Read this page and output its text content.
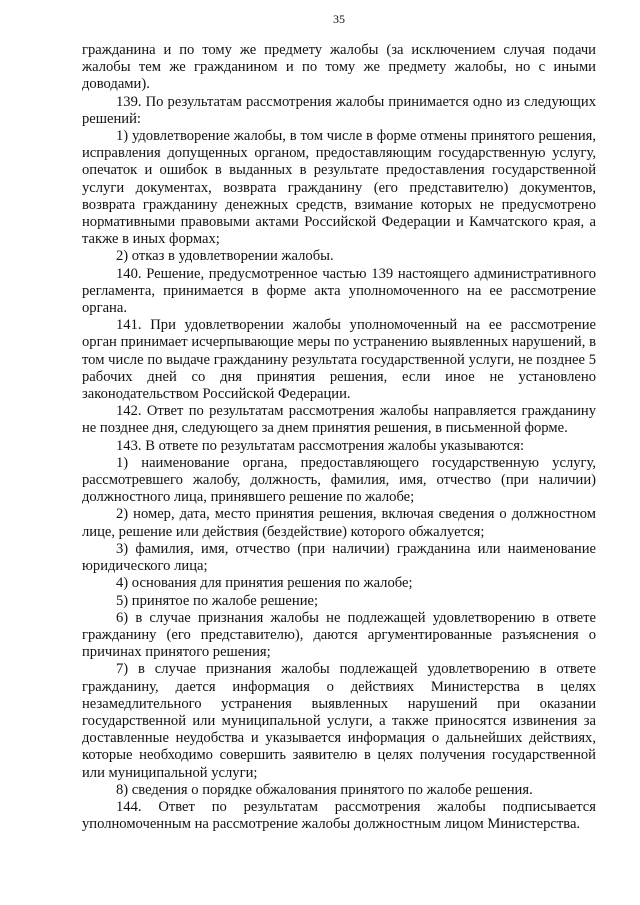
35

гражданина и по тому же предмету жалобы (за исключением случая подачи жалобы тем же гражданином и по тому же предмету жалобы, но с иными доводами).

139. По результатам рассмотрения жалобы принимается одно из следующих решений:

1) удовлетворение жалобы, в том числе в форме отмены принятого решения, исправления допущенных органом, предоставляющим государственную услугу, опечаток и ошибок в выданных в результате предоставления государственной услуги документах, возврата гражданину (его представителю) документов, возврата гражданину денежных средств, взимание которых не предусмотрено нормативными правовыми актами Российской Федерации и Камчатского края, а также в иных формах;

2) отказ в удовлетворении жалобы.

140. Решение, предусмотренное частью 139 настоящего административного регламента, принимается в форме акта уполномоченного на ее рассмотрение органа.

141. При удовлетворении жалобы уполномоченный на ее рассмотрение орган принимает исчерпывающие меры по устранению выявленных нарушений, в том числе по выдаче гражданину результата государственной услуги, не позднее 5 рабочих дней со дня принятия решения, если иное не установлено законодательством Российской Федерации.

142. Ответ по результатам рассмотрения жалобы направляется гражданину не позднее дня, следующего за днем принятия решения, в письменной форме.

143. В ответе по результатам рассмотрения жалобы указываются:

1) наименование органа, предоставляющего государственную услугу, рассмотревшего жалобу, должность, фамилия, имя, отчество (при наличии) должностного лица, принявшего решение по жалобе;

2) номер, дата, место принятия решения, включая сведения о должностном лице, решение или действия (бездействие) которого обжалуется;

3) фамилия, имя, отчество (при наличии) гражданина или наименование юридического лица;

4) основания для принятия решения по жалобе;

5) принятое по жалобе решение;

6) в случае признания жалобы не подлежащей удовлетворению в ответе гражданину (его представителю), даются аргументированные разъяснения о причинах принятого решения;

7) в случае признания жалобы подлежащей удовлетворению в ответе гражданину, дается информация о действиях Министерства в целях незамедлительного устранения выявленных нарушений при оказании государственной или муниципальной услуги, а также приносятся извинения за доставленные неудобства и указывается информация о дальнейших действиях, которые необходимо совершить заявителю в целях получения государственной или муниципальной услуги;

8) сведения о порядке обжалования принятого по жалобе решения.

144. Ответ по результатам рассмотрения жалобы подписывается уполномоченным на рассмотрение жалобы должностным лицом Министерства.
